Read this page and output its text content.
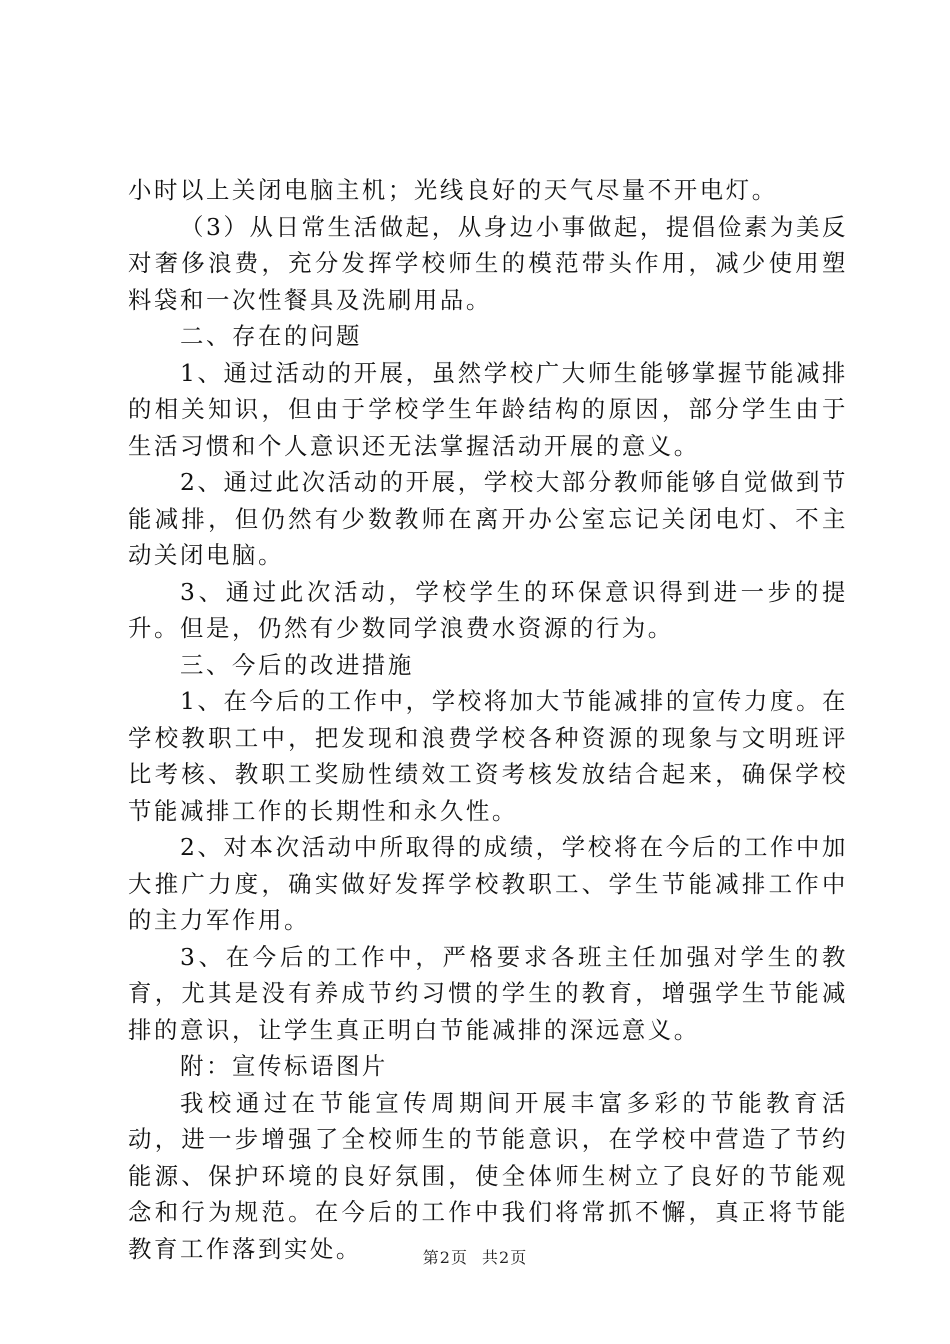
小时以上关闭电脑主机；光线良好的天气尽量不开电灯。

（3）从日常生活做起，从身边小事做起，提倡俭素为美反对奢侈浪费，充分发挥学校师生的模范带头作用，减少使用塑料袋和一次性餐具及洗刷用品。

二、存在的问题

1、通过活动的开展，虽然学校广大师生能够掌握节能减排的相关知识，但由于学校学生年龄结构的原因，部分学生由于生活习惯和个人意识还无法掌握活动开展的意义。

2、通过此次活动的开展，学校大部分教师能够自觉做到节能减排，但仍然有少数教师在离开办公室忘记关闭电灯、不主动关闭电脑。

3、通过此次活动，学校学生的环保意识得到进一步的提升。但是，仍然有少数同学浪费水资源的行为。

三、今后的改进措施

1、在今后的工作中，学校将加大节能减排的宣传力度。在学校教职工中，把发现和浪费学校各种资源的现象与文明班评比考核、教职工奖励性绩效工资考核发放结合起来，确保学校节能减排工作的长期性和永久性。

2、对本次活动中所取得的成绩，学校将在今后的工作中加大推广力度，确实做好发挥学校教职工、学生节能减排工作中的主力军作用。

3、在今后的工作中，严格要求各班主任加强对学生的教育，尤其是没有养成节约习惯的学生的教育，增强学生节能减排的意识，让学生真正明白节能减排的深远意义。

附：宣传标语图片

我校通过在节能宣传周期间开展丰富多彩的节能教育活动，进一步增强了全校师生的节能意识，在学校中营造了节约能源、保护环境的良好氛围，使全体师生树立了良好的节能观念和行为规范。在今后的工作中我们将常抓不懈，真正将节能教育工作落到实处。	第2页 共2页
